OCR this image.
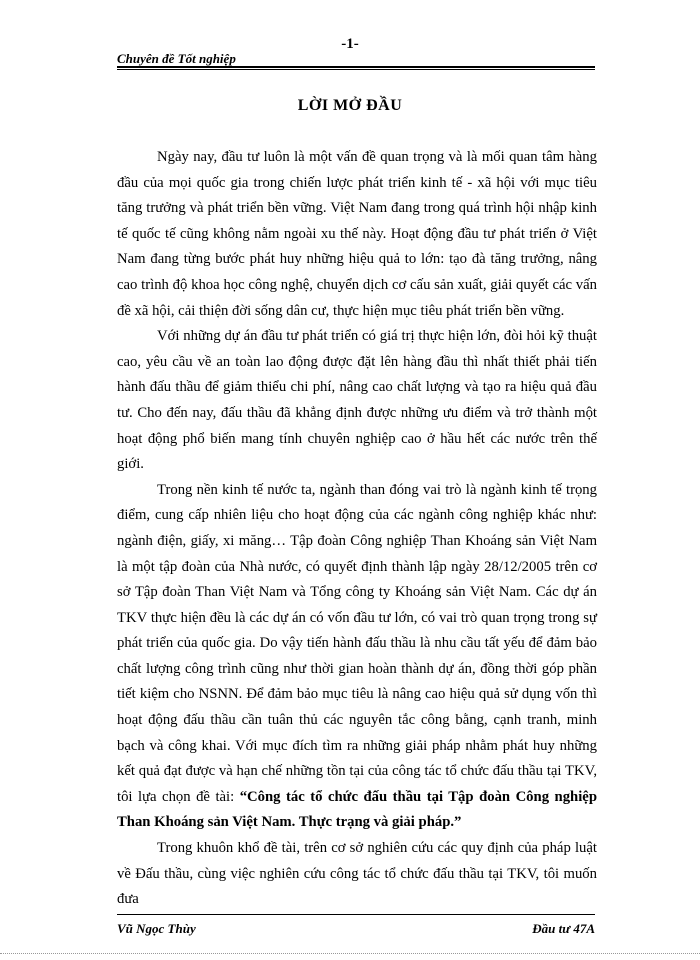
-1-
Chuyên đề Tốt nghiệp
LỜI MỞ ĐẦU

Ngày nay, đầu tư luôn là một vấn đề quan trọng và là mối quan tâm hàng đầu của mọi quốc gia trong chiến lược phát triển kinh tế - xã hội với mục tiêu tăng trưởng và phát triển bền vững. Việt Nam đang trong quá trình hội nhập kinh tế quốc tế cũng không nằm ngoài xu thế này. Hoạt động đầu tư phát triển ở Việt Nam đang từng bước phát huy những hiệu quả to lớn: tạo đà tăng trưởng, nâng cao trình độ khoa học công nghệ, chuyển dịch cơ cấu sản xuất, giải quyết các vấn đề xã hội, cải thiện đời sống dân cư, thực hiện mục tiêu phát triển bền vững.

Với những dự án đầu tư phát triển có giá trị thực hiện lớn, đòi hỏi kỹ thuật cao, yêu cầu về an toàn lao động được đặt lên hàng đầu thì nhất thiết phải tiến hành đấu thầu để giảm thiểu chi phí, nâng cao chất lượng và tạo ra hiệu quả đầu tư. Cho đến nay, đấu thầu đã khẳng định được những ưu điểm và trở thành một hoạt động phổ biến mang tính chuyên nghiệp cao ở hầu hết các nước trên thế giới.

Trong nền kinh tế nước ta, ngành than đóng vai trò là ngành kinh tế trọng điểm, cung cấp nhiên liệu cho hoạt động của các ngành công nghiệp khác như: ngành điện, giấy, xi măng… Tập đoàn Công nghiệp Than Khoáng sản Việt Nam là một tập đoàn của Nhà nước, có quyết định thành lập ngày 28/12/2005 trên cơ sở Tập đoàn Than Việt Nam và Tổng công ty Khoáng sản Việt Nam. Các dự án TKV thực hiện đều là các dự án có vốn đầu tư lớn, có vai trò quan trọng trong sự phát triển của quốc gia. Do vậy tiến hành đấu thầu là nhu cầu tất yếu để đảm bảo chất lượng công trình cũng như thời gian hoàn thành dự án, đồng thời góp phần tiết kiệm cho NSNN. Để đảm bảo mục tiêu là nâng cao hiệu quả sử dụng vốn thì hoạt động đấu thầu cần tuân thủ các nguyên tắc công bằng, cạnh tranh, minh bạch và công khai. Với mục đích tìm ra những giải pháp nhằm phát huy những kết quả đạt được và hạn chế những tồn tại của công tác tổ chức đấu thầu tại TKV, tôi lựa chọn đề tài: “Công tác tổ chức đấu thầu tại Tập đoàn Công nghiệp Than Khoáng sản Việt Nam. Thực trạng và giải pháp.”

Trong khuôn khổ đề tài, trên cơ sở nghiên cứu các quy định của pháp luật về Đấu thầu, cùng việc nghiên cứu công tác tổ chức đấu thầu tại TKV, tôi muốn đưa

Vũ Ngọc Thùy	Đầu tư 47A
